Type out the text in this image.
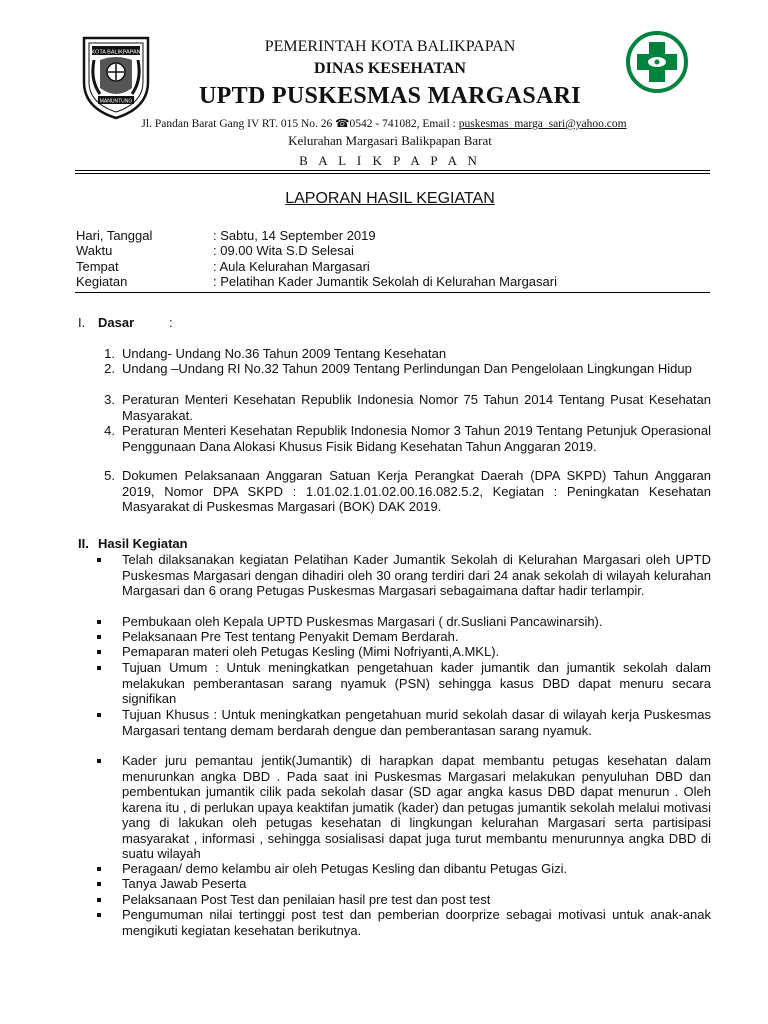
KOTA BALIKPAPAN
MANUNTUNG
PEMERINTAH KOTA BALIKPAPAN
DINAS KESEHATAN
UPTD PUSKESMAS MARGASARI
Jl. Pandan Barat Gang IV RT. 015 No. 26 ☎0542 - 741082, Email : puskesmas_marga_sari@yahoo.com
Kelurahan Margasari Balikpapan Barat
B A L I K P A P A N
LAPORAN HASIL KEGIATAN
Hari, Tanggal	: Sabtu, 14 September 2019
Waktu	: 09.00 Wita S.D Selesai
Tempat	: Aula Kelurahan Margasari
Kegiatan	: Pelatihan Kader Jumantik Sekolah di Kelurahan Margasari
I. Dasar	:
1. Undang- Undang No.36 Tahun 2009 Tentang Kesehatan
2. Undang –Undang RI No.32 Tahun 2009 Tentang Perlindungan Dan Pengelolaan Lingkungan Hidup
3. Peraturan Menteri Kesehatan Republik Indonesia Nomor 75 Tahun 2014 Tentang Pusat Kesehatan Masyarakat.
4. Peraturan Menteri Kesehatan Republik Indonesia Nomor 3 Tahun 2019 Tentang Petunjuk Operasional Penggunaan Dana Alokasi Khusus Fisik Bidang Kesehatan Tahun Anggaran 2019.
5. Dokumen Pelaksanaan Anggaran Satuan Kerja Perangkat Daerah (DPA SKPD) Tahun Anggaran 2019, Nomor DPA SKPD : 1.01.02.1.01.02.00.16.082.5.2, Kegiatan : Peningkatan Kesehatan Masyarakat di Puskesmas Margasari (BOK) DAK 2019.
II. Hasil Kegiatan
Telah dilaksanakan kegiatan Pelatihan Kader Jumantik Sekolah di Kelurahan Margasari oleh UPTD Puskesmas Margasari dengan dihadiri oleh 30 orang terdiri dari 24 anak sekolah di wilayah kelurahan Margasari dan 6 orang Petugas Puskesmas Margasari sebagaimana daftar hadir terlampir.
Pembukaan oleh Kepala UPTD Puskesmas Margasari ( dr.Susliani Pancawinarsih).
Pelaksanaan Pre Test tentang Penyakit Demam Berdarah.
Pemaparan materi oleh Petugas Kesling (Mimi Nofriyanti,A.MKL).
Tujuan Umum : Untuk meningkatkan pengetahuan kader jumantik dan jumantik sekolah dalam melakukan pemberantasan sarang nyamuk (PSN) sehingga kasus DBD dapat menuru secara signifikan
Tujuan Khusus : Untuk meningkatkan pengetahuan murid sekolah dasar di wilayah kerja Puskesmas Margasari tentang demam berdarah dengue dan pemberantasan sarang nyamuk.
Kader juru pemantau jentik(Jumantik) di harapkan dapat membantu petugas kesehatan dalam menurunkan angka DBD . Pada saat ini Puskesmas Margasari melakukan penyuluhan DBD dan pembentukan jumantik cilik pada sekolah dasar (SD agar angka kasus DBD dapat menurun . Oleh karena itu , di perlukan upaya keaktifan jumatik (kader) dan petugas jumantik sekolah melalui motivasi yang di lakukan oleh petugas kesehatan di lingkungan kelurahan Margasari serta partisipasi masyarakat , informasi , sehingga sosialisasi dapat juga turut membantu menurunnya angka DBD di suatu wilayah
Peragaan/ demo kelambu air oleh Petugas Kesling dan dibantu Petugas Gizi.
Tanya Jawab Peserta
Pelaksanaan Post Test dan penilaian hasil pre test dan post test
Pengumuman nilai tertinggi post test dan pemberian doorprize sebagai motivasi untuk anak-anak mengikuti kegiatan kesehatan berikutnya.
